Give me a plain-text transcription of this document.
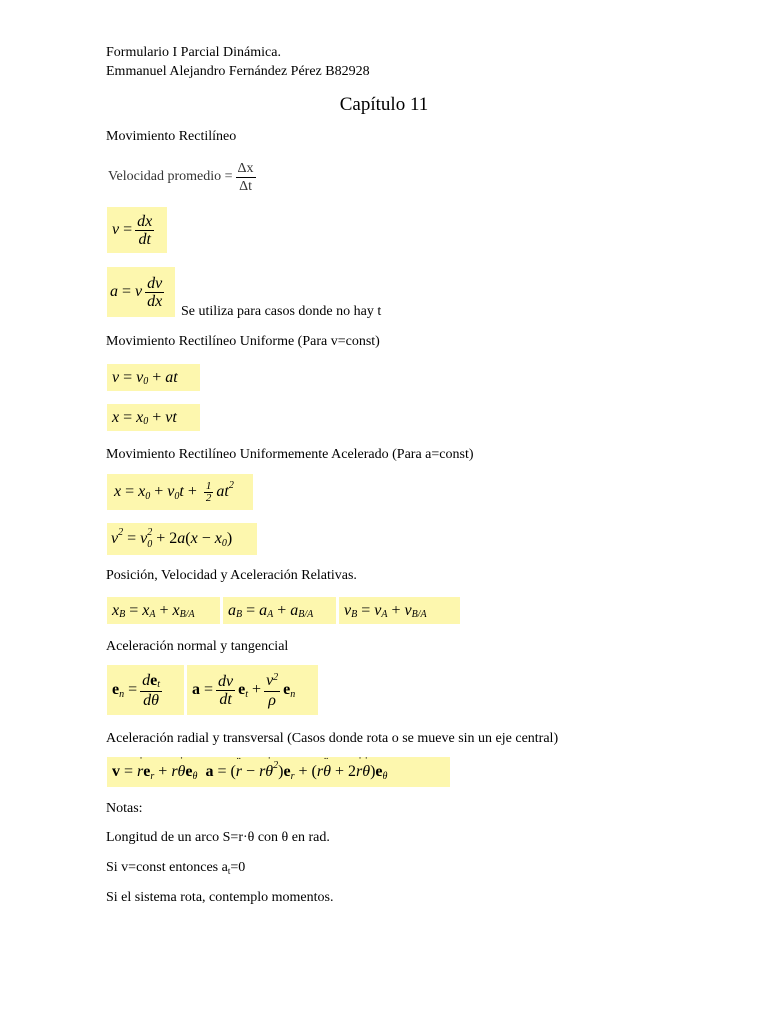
Formulario I Parcial Dinámica.
Emmanuel Alejandro Fernández Pérez B82928
Capítulo 11
Movimiento Rectilíneo
Velocidad promedio = $\frac{\Delta x}{\Delta t}$
$v = \frac{dx}{dt}$
a = v $\frac{dv}{dx}$
Se utiliza para casos donde no hay t
Movimiento Rectilíneo Uniforme (Para v=const)
v = v 0
+ at
x = x 0
+ vt
Movimiento Rectilíneo Uniformemente Acelerado (Para a=const)
x = x 0
+ v 0 t +
$\frac{1}{2}$ at 2
v 2
= v 0
2
+
2 a ( x − x 0 )
Posición, Velocidad y Aceleración Relativas.
x B
= x A
+ x B/A	a B
= a A
+ a B/A	v B
= v A
+ v B/A
Aceleración normal y tangencial
e n
= $\frac{\det}{d\theta}$ a
= $\frac{dv}{dt}$ e t
+ $\frac{v^2}{\rho}$ e n
Aceleración radial y transversal (Casos donde rota o se mueve sin un eje central)
v
=
r ˙ e r
+ r θ ˙ e θ
a
=
( r ¨
− r θ ˙ 2 ) e r
+
( r θ ¨
+
2 r ˙ θ ˙ ) e θ
Notas:
Longitud de un arco S=r·θ con θ en rad.
Si v=const entonces $a_t=0$
Si el sistema rota, contemplo momentos.
